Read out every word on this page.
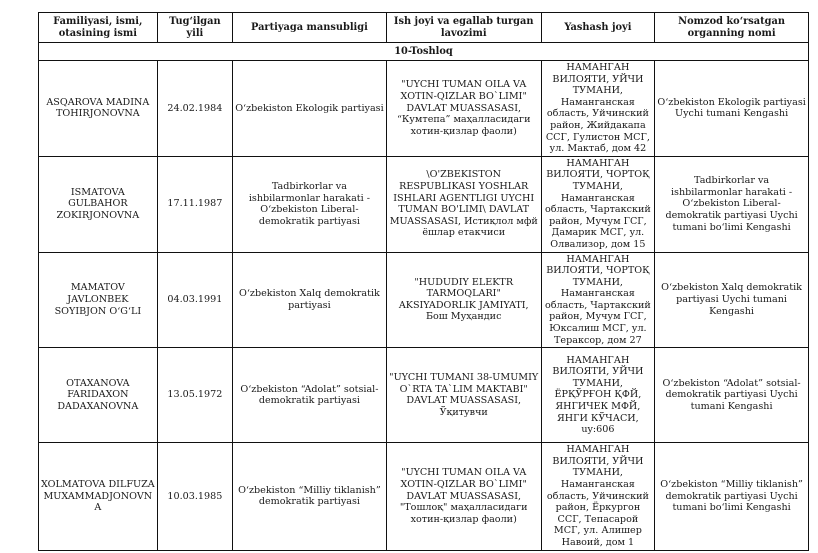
Familiyasi, ismi, otasining ismi	Tug‘ilgan yili	Partiyaga mansubligi	Ish joyi va egallab turgan lavozimi	Yashash joyi	Nomzod ko‘rsatgan organning nomi
10-Toshloq					
ASQAROVA MADINA TOHIRJONOVNA	24.02.1984	O‘zbekiston Ekologik partiyasi	"UYCHI TUMAN OILA VA XOTIN-QIZLAR BO`LIMI" DAVLAT MUASSASASI, “Кумтепа” маҳалласидаги хотин-қизлар фаоли)	НАМАНГАН ВИЛОЯТИ, УЙЧИ ТУМАНИ, Наманганская область, Уйчинский район, Жийдакапа ССГ, Гулистон МСГ, ул. Мактаб, дом 42	O‘zbekiston Ekologik partiyasi Uychi tumani Kengashi
ISMATOVA GULBAHOR ZOKIRJONOVNA	17.11.1987	Tadbirkorlar va ishbilarmonlar harakati - O‘zbekiston Liberal-demokratik partiyasi	\O'ZBEKISTON RESPUBLIKASI YOSHLAR ISHLARI AGENTLIGI UYCHI TUMAN BO'LIMI\ DAVLAT MUASSASASI, Истиқлол мфй ёшлар етакчиси	НАМАНГАН ВИЛОЯТИ, ЧОРТОҚ ТУМАНИ, Наманганская область, Чартакский район, Мучум ГСГ, Дамарик МСГ, ул. Олвализор, дом 15	Tadbirkorlar va ishbilarmonlar harakati - O‘zbekiston Liberal-demokratik partiyasi Uychi tumani bo‘limi Kengashi
MAMATOV JAVLONBEK SOYIBJON O‘G‘LI	04.03.1991	O‘zbekiston Xalq demokratik partiyasi	"HUDUDIY ELEKTR TARMOQLARI" AKSIYADORLIK JAMIYATI, Бош Муҳандис	НАМАНГАН ВИЛОЯТИ, ЧОРТОҚ ТУМАНИ, Наманганская область, Чартакский район, Мучум ГСГ, Юксалиш МСГ, ул. Тераксор, дом 27	O‘zbekiston Xalq demokratik partiyasi Uychi tumani Kengashi
OTAXANOVA FARIDAXON DADAXANOVNA	13.05.1972	O‘zbekiston “Adolat” sotsial-demokratik partiyasi	"UYCHI TUMANI 38-UMUMIY O`RTA TA`LIM MAKTABI" DAVLAT MUASSASASI, Ўқитувчи	НАМАНГАН ВИЛОЯТИ, УЙЧИ ТУМАНИ, ЁРҚЎРҒОН ҚФЙ, ЯНГИЧЕК МФЙ, ЯНГИ КЎЧАСИ, uy:606	O‘zbekiston “Adolat” sotsial-demokratik partiyasi Uychi tumani Kengashi
XOLMATOVA DILFUZA MUXAMMADJONOVNA	10.03.1985	O‘zbekiston “Milliy tiklanish” demokratik partiyasi	"UYCHI TUMAN OILA VA XOTIN-QIZLAR BO`LIMI" DAVLAT MUASSASASI, "Тошлоқ" маҳалласидаги хотин-қизлар фаоли)	НАМАНГАН ВИЛОЯТИ, УЙЧИ ТУМАНИ, Наманганская область, Уйчинский район, Ёркургон ССГ, Тепасарой МСГ, ул. Алишер Навоий, дом 1	O‘zbekiston “Milliy tiklanish” demokratik partiyasi Uychi tumani bo‘limi Kengashi
